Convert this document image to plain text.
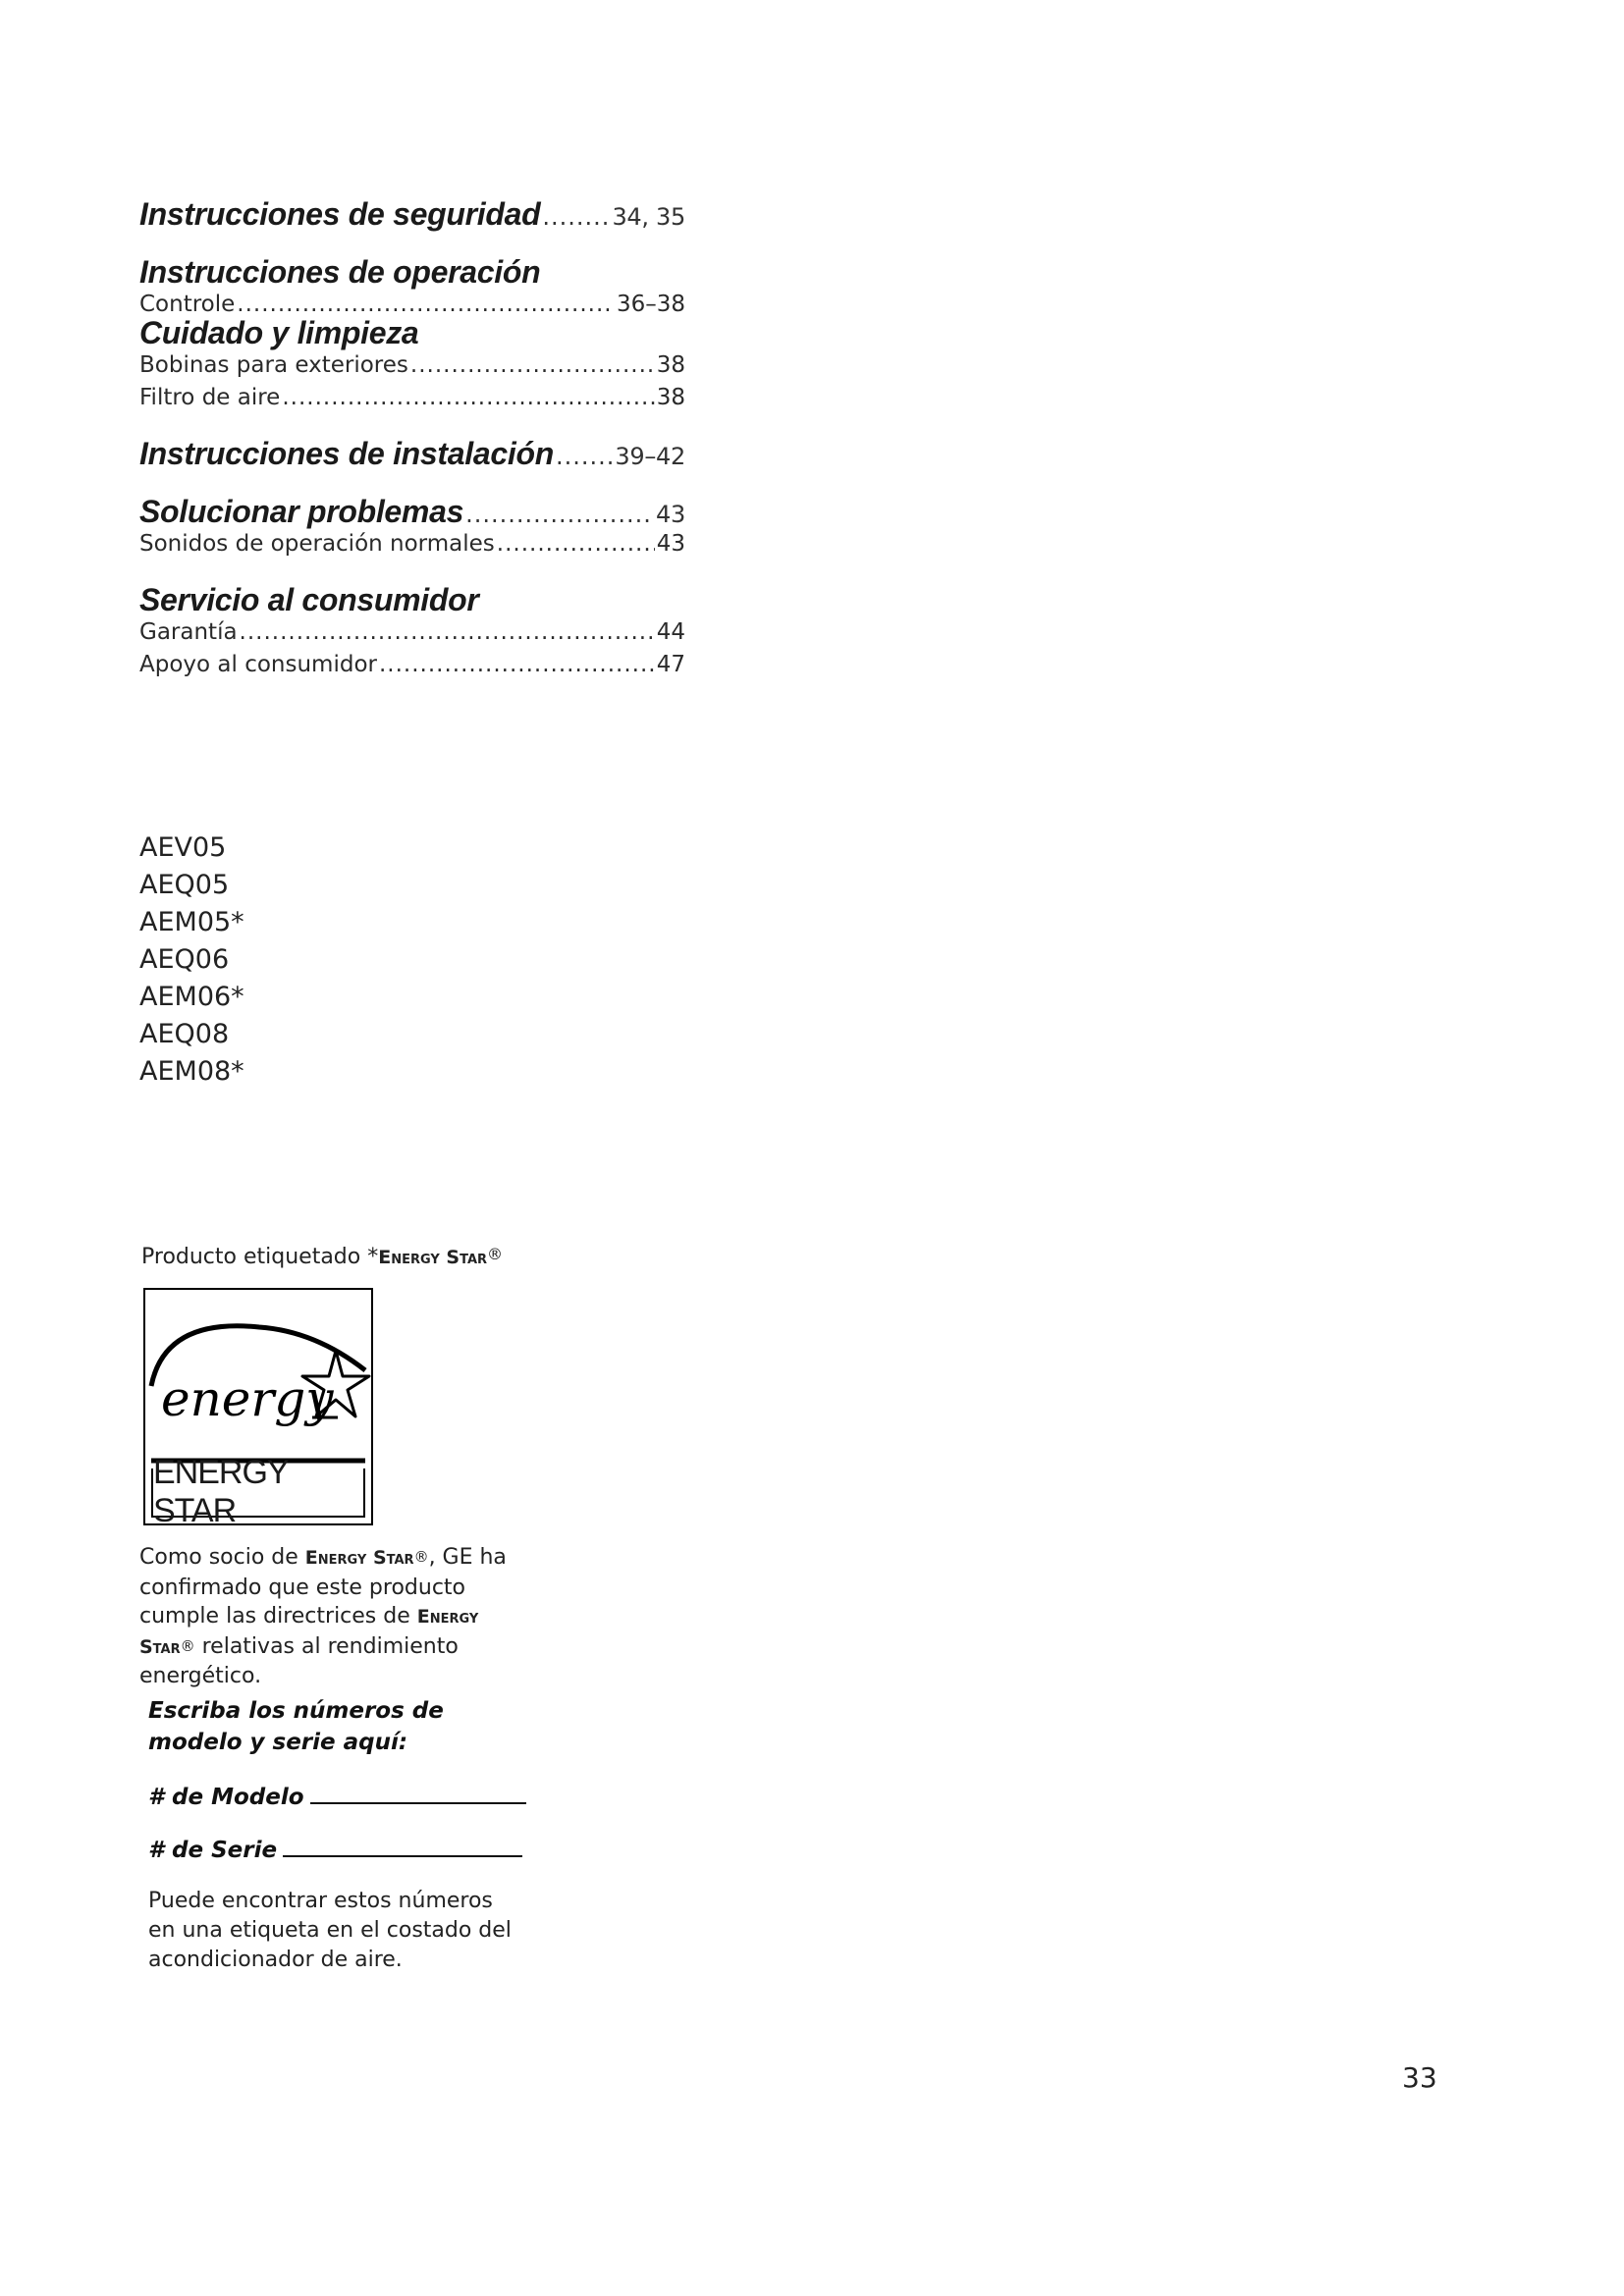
Instrucciones de seguridad .....	34, 35
Instrucciones de operación
Controle .....	36–38
Cuidado y limpieza
Bobinas para exteriores .....	38
Filtro de aire .....	38
Instrucciones de instalación .....	39–42
Solucionar problemas .....	43
Sonidos de operación normales .....	43
Servicio al consumidor
Garantía .....	44
Apoyo al consumidor .....	47
AEV05
AEQ05
AEM05*
AEQ06
AEM06*
AEQ08
AEM08*
Producto etiquetado *Energy Star®
energy
ENERGY STAR

Como socio de Energy Star®, GE ha confirmado que este producto cumple las directrices de Energy Star® relativas al rendimiento energético.

Escriba los números de modelo y serie aquí:

# de Modelo
# de Serie

Puede encontrar estos números en una etiqueta en el costado del acondicionador de aire.

33
